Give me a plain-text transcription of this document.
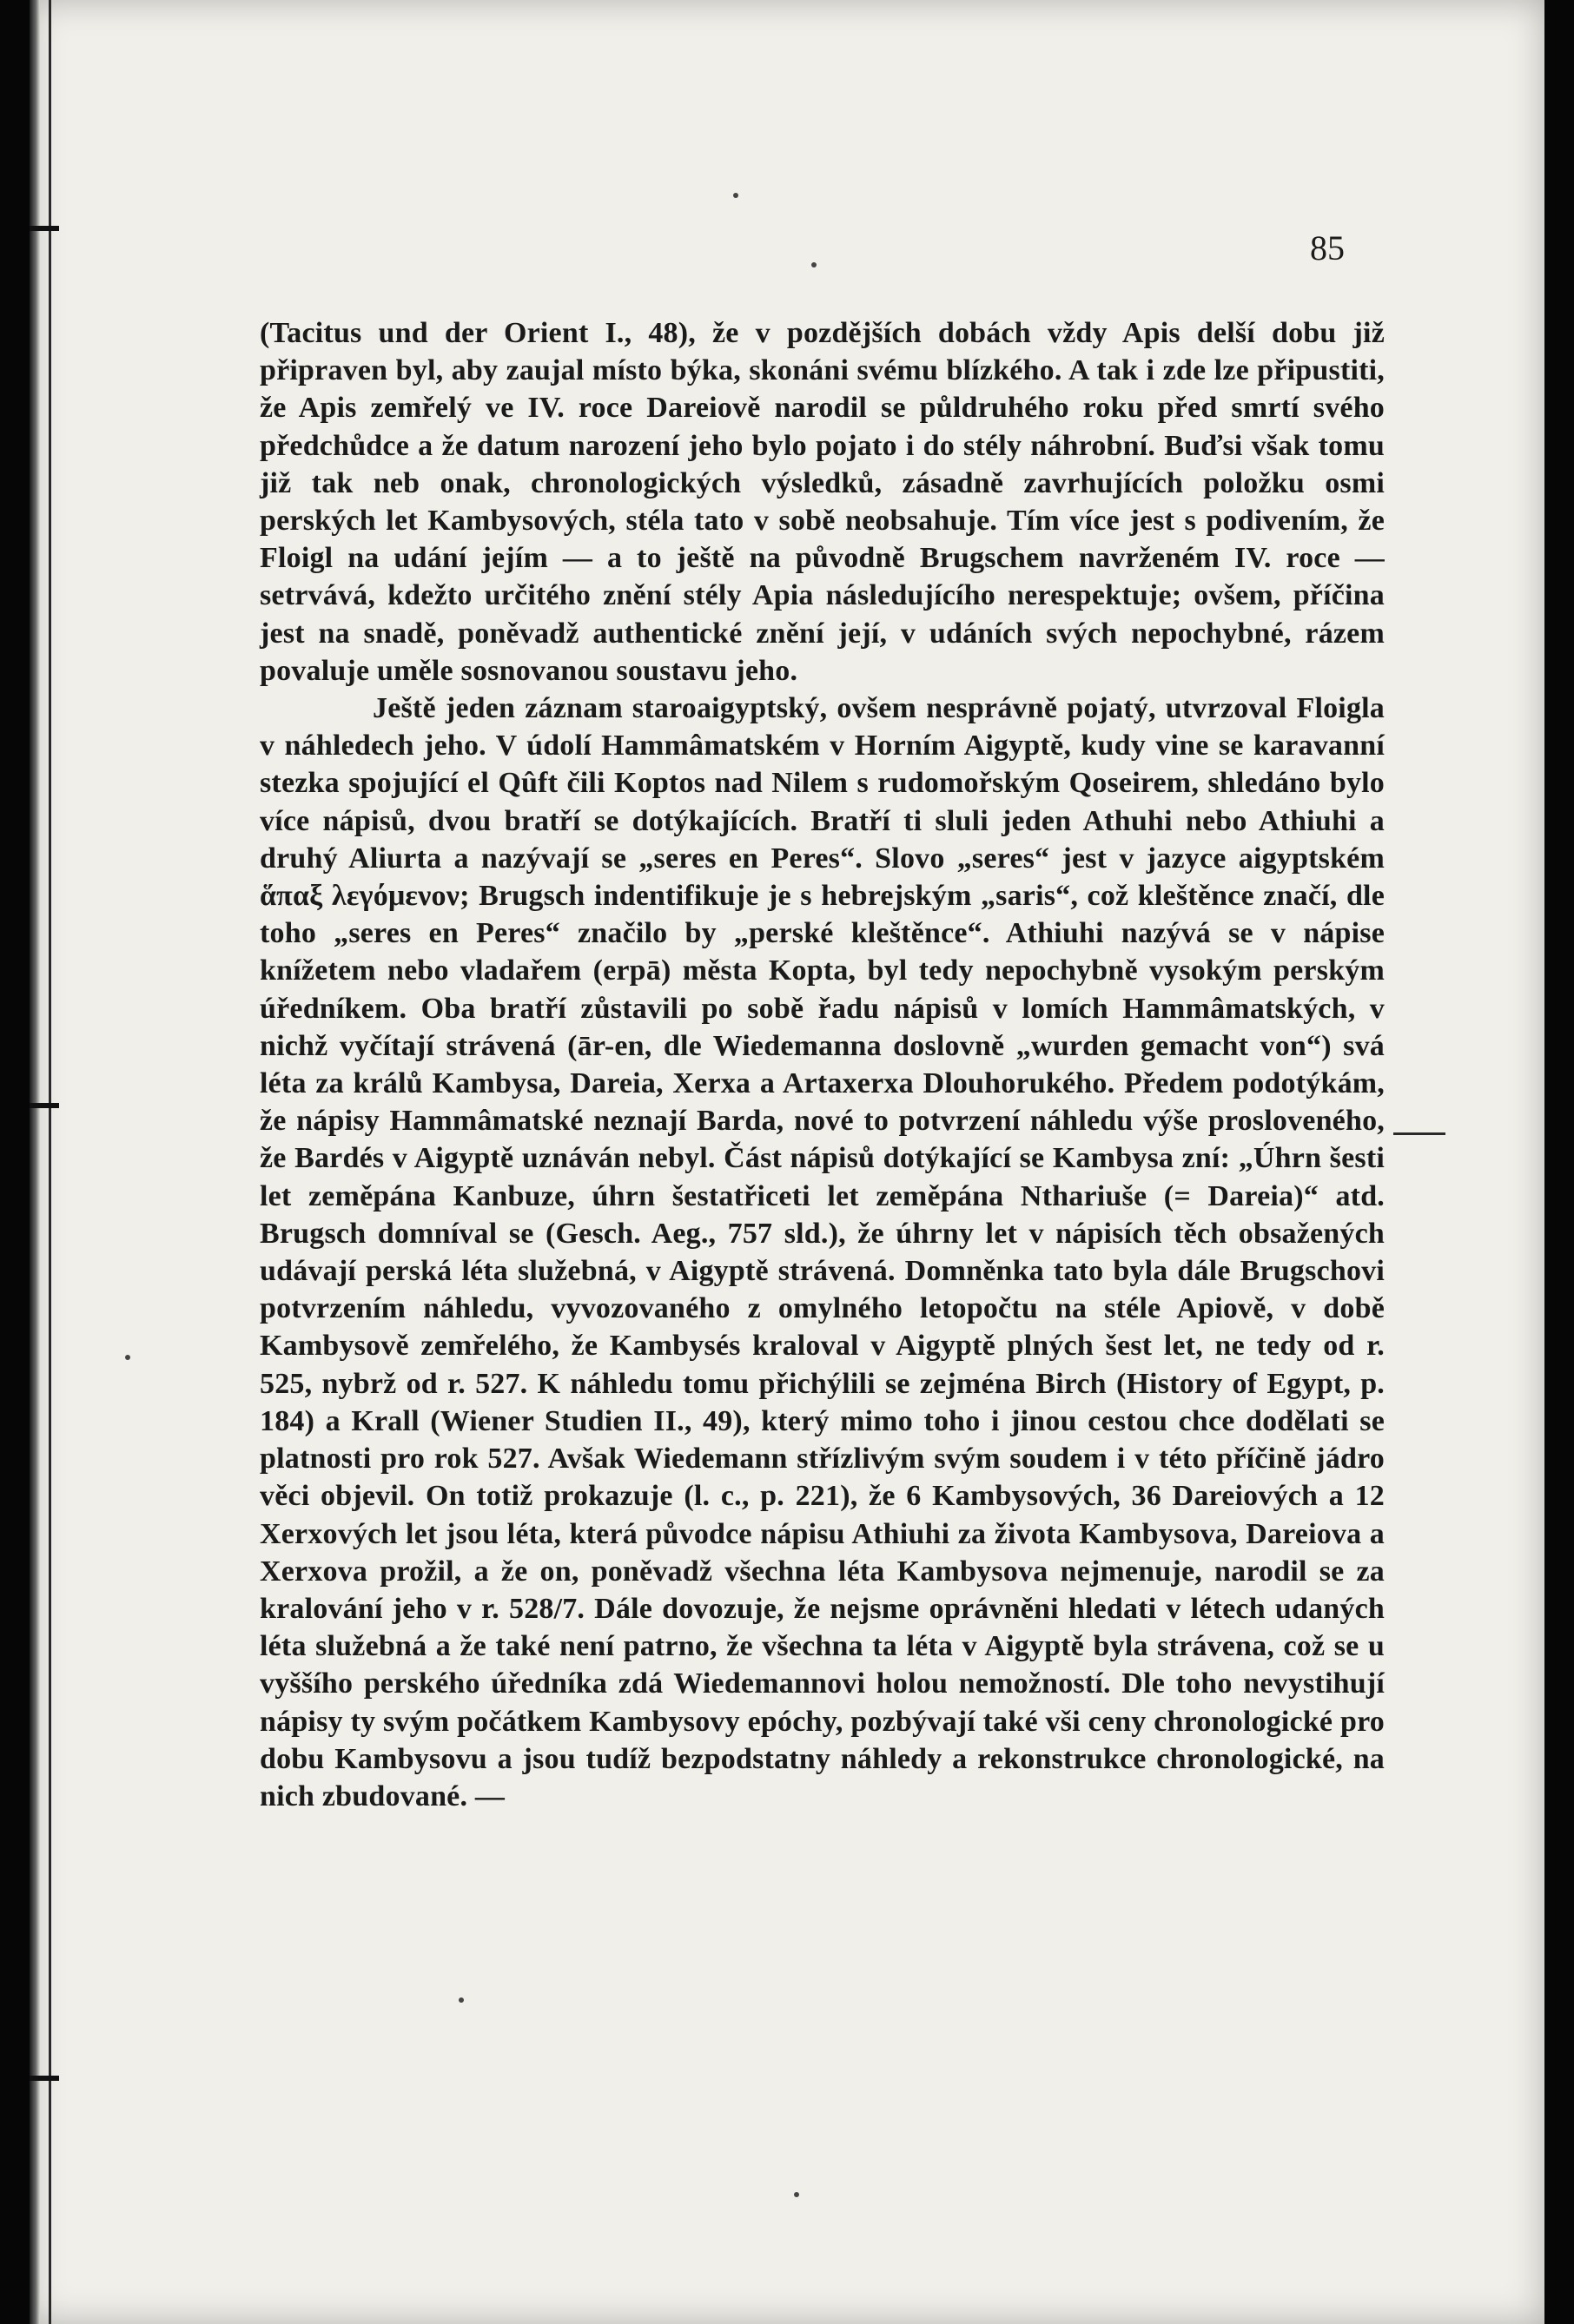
85

(Tacitus und der Orient I., 48), že v pozdějších dobách vždy Apis delší dobu již připraven byl, aby zaujal místo býka, skonáni svému blízkého. A tak i zde lze připustiti, že Apis zemřelý ve IV. roce Dareiově narodil se půldruhého roku před smrtí svého předchůdce a že datum narození jeho bylo pojato i do stély náhrobní. Buďsi však tomu již tak neb onak, chronologických výsledků, zásadně zavrhujících položku osmi perských let Kambysových, stéla tato v sobě neobsahuje. Tím více jest s podivením, že Floigl na udání jejím — a to ještě na původně Brugschem navrženém IV. roce — setrvává, kdežto určitého znění stély Apia následujícího nerespektuje; ovšem, příčina jest na snadě, poněvadž authentické znění její, v udáních svých nepochybné, rázem povaluje uměle sosnovanou soustavu jeho.

Ještě jeden záznam staroaigyptský, ovšem nesprávně pojatý, utvrzoval Floigla v náhledech jeho. V údolí Hammâmatském v Horním Aigyptě, kudy vine se karavanní stezka spojující el Qûft čili Koptos nad Nilem s rudomořským Qoseirem, shledáno bylo více nápisů, dvou bratří se dotýkajících. Bratří ti sluli jeden Athuhi nebo Athiuhi a druhý Aliurta a nazývají se „seres en Peres“. Slovo „seres“ jest v jazyce aigyptském ἅπαξ λεγόμενον; Brugsch indentifikuje je s hebrejským „saris“, což kleštěnce značí, dle toho „seres en Peres“ značilo by „perské kleštěnce“. Athiuhi nazývá se v nápise knížetem nebo vladařem (erpā) města Kopta, byl tedy nepochybně vysokým perským úředníkem. Oba bratří zůstavili po sobě řadu nápisů v lomích Hammâmatských, v nichž vyčítají strávená (ār-en, dle Wiedemanna doslovně „wurden gemacht von“) svá léta za králů Kambysa, Dareia, Xerxa a Artaxerxa Dlouhorukého. Předem podotýkám, že nápisy Hammâmatské neznají Barda, nové to potvrzení náhledu výše prosloveného, že Bardés v Aigyptě uznáván nebyl. Část nápisů dotýkající se Kambysa zní: „Úhrn šesti let zeměpána Kanbuze, úhrn šestatřiceti let zeměpána Nthariuše (= Dareia)“ atd. Brugsch domníval se (Gesch. Aeg., 757 sld.), že úhrny let v nápisích těch obsažených udávají perská léta služebná, v Aigyptě strávená. Domněnka tato byla dále Brugschovi potvrzením náhledu, vyvozovaného z omylného letopočtu na stéle Apiově, v době Kambysově zemřelého, že Kambysés kraloval v Aigyptě plných šest let, ne tedy od r. 525, nybrž od r. 527. K náhledu tomu přichýlili se zejména Birch (History of Egypt, p. 184) a Krall (Wiener Studien II., 49), který mimo toho i jinou cestou chce dodělati se platnosti pro rok 527. Avšak Wiedemann střízlivým svým soudem i v této příčině jádro věci objevil. On totiž prokazuje (l. c., p. 221), že 6 Kambysových, 36 Dareiových a 12 Xerxových let jsou léta, která původce nápisu Athiuhi za života Kambysova, Dareiova a Xerxova prožil, a že on, poněvadž všechna léta Kambysova nejmenuje, narodil se za kralování jeho v r. 528/7. Dále dovozuje, že nejsme oprávněni hledati v létech udaných léta služebná a že také není patrno, že všechna ta léta v Aigyptě byla strávena, což se u vyššího perského úředníka zdá Wiedemannovi holou nemožností. Dle toho nevystihují nápisy ty svým počátkem Kambysovy epóchy, pozbývají také vši ceny chronologické pro dobu Kambysovu a jsou tudíž bezpodstatny náhledy a rekonstrukce chronologické, na nich zbudované. —
